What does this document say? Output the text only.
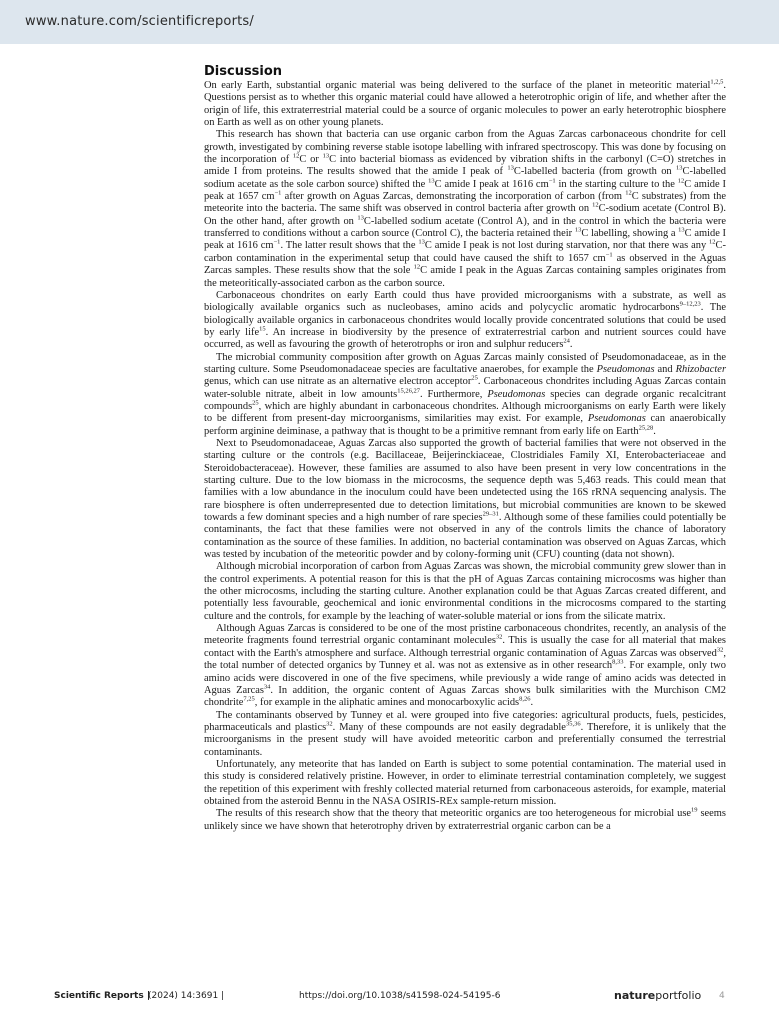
www.nature.com/scientificreports/
Discussion

On early Earth, substantial organic material was being delivered to the surface of the planet in meteoritic material$^{1,2,5}$. Questions persist as to whether this organic material could have allowed a heterotrophic origin of life, and whether after the origin of life, this extraterrestrial material could be a source of organic molecules to power an early heterotrophic biosphere on Earth as well as on other young planets.

This research has shown that bacteria can use organic carbon from the Aguas Zarcas carbonaceous chondrite for cell growth, investigated by combining reverse stable isotope labelling with infrared spectroscopy. This was done by focusing on the incorporation of $^{12}$C or $^{13}$C into bacterial biomass as evidenced by vibration shifts in the carbonyl (C=O) stretches in amide I from proteins. The results showed that the amide I peak of $^{13}$C-labelled bacteria (from growth on $^{13}$C-labelled sodium acetate as the sole carbon source) shifted the $^{13}$C amide I peak at 1616 $cm^{-1}$ in the starting culture to the $^{12}$C amide I peak at 1657 $cm^{-1}$ after growth on Aguas Zarcas, demonstrating the incorporation of carbon (from $^{12}$C substrates) from the meteorite into the bacteria. The same shift was observed in control bacteria after growth on $^{12}$C-sodium acetate (Control B). On the other hand, after growth on $^{13}$C-labelled sodium acetate (Control A), and in the control in which the bacteria were transferred to conditions without a carbon source (Control C), the bacteria retained their $^{13}$C labelling, showing a $^{13}$C amide I peak at 1616 $cm^{-1}$. The latter result shows that the $^{13}$C amide I peak is not lost during starvation, nor that there was any $^{12}$C-carbon contamination in the experimental setup that could have caused the shift to 1657 $cm^{-1}$ as observed in the Aguas Zarcas samples. These results show that the sole $^{12}$C amide I peak in the Aguas Zarcas containing samples originates from the meteoritically-associated carbon as the carbon source.

Carbonaceous chondrites on early Earth could thus have provided microorganisms with a substrate, as well as biologically available organics such as nucleobases, amino acids and polycyclic aromatic hydrocarbons$^{9-12,23}$. The biologically available organics in carbonaceous chondrites would locally provide concentrated solutions that could be used by early life$^{15}$. An increase in biodiversity by the presence of extraterrestrial carbon and nutrient sources could have occurred, as well as favouring the growth of heterotrophs or iron and sulphur reducers$^{24}$.

The microbial community composition after growth on Aguas Zarcas mainly consisted of Pseudomonadaceae, as in the starting culture. Some Pseudomonadaceae species are facultative anaerobes, for example the Pseudomonas and Rhizobacter genus, which can use nitrate as an alternative electron acceptor$^{25}$. Carbonaceous chondrites including Aguas Zarcas contain water-soluble nitrate, albeit in low amounts$^{15,26,27}$. Furthermore, Pseudomonas species can degrade organic recalcitrant compounds$^{25}$, which are highly abundant in carbonaceous chondrites. Although microorganisms on early Earth were likely to be different from present-day microorganisms, similarities may exist. For example, Pseudomonas can anaerobically perform arginine deiminase, a pathway that is thought to be a primitive remnant from early life on Earth$^{25,28}$.

Next to Pseudomonadaceae, Aguas Zarcas also supported the growth of bacterial families that were not observed in the starting culture or the controls (e.g. Bacillaceae, Beijerinckiaceae, Clostridiales Family XI, Enterobacteriaceae and Steroidobacteraceae). However, these families are assumed to also have been present in very low concentrations in the starting culture. Due to the low biomass in the microcosms, the sequence depth was 5,463 reads. This could mean that families with a low abundance in the inoculum could have been undetected using the 16S rRNA sequencing analysis. The rare biosphere is often underrepresented due to detection limitations, but microbial communities are known to be skewed towards a few dominant species and a high number of rare species$^{29-31}$. Although some of these families could potentially be contaminants, the fact that these families were not observed in any of the controls limits the chance of laboratory contamination as the source of these families. In addition, no bacterial contamination was observed on Aguas Zarcas, which was tested by incubation of the meteoritic powder and by colony-forming unit (CFU) counting (data not shown).

Although microbial incorporation of carbon from Aguas Zarcas was shown, the microbial community grew slower than in the control experiments. A potential reason for this is that the pH of Aguas Zarcas containing microcosms was higher than the other microcosms, including the starting culture. Another explanation could be that Aguas Zarcas created different, and potentially less favourable, geochemical and ionic environmental conditions in the microcosms compared to the starting culture and the controls, for example by the leaching of water-soluble material or ions from the silicate matrix.

Although Aguas Zarcas is considered to be one of the most pristine carbonaceous chondrites, recently, an analysis of the meteorite fragments found terrestrial organic contaminant molecules$^{32}$. This is usually the case for all material that makes contact with the Earth's atmosphere and surface. Although terrestrial organic contamination of Aguas Zarcas was observed$^{32}$, the total number of detected organics by Tunney et al. was not as extensive as in other research$^{8,33}$. For example, only two amino acids were discovered in one of the five specimens, while previously a wide range of amino acids was detected in Aguas Zarcas$^{34}$. In addition, the organic content of Aguas Zarcas shows bulk similarities with the Murchison CM2 chondrite$^{7,25}$, for example in the aliphatic amines and monocarboxylic acids$^{8,26}$.

The contaminants observed by Tunney et al. were grouped into five categories: agricultural products, fuels, pesticides, pharmaceuticals and plastics$^{32}$. Many of these compounds are not easily degradable$^{35,36}$. Therefore, it is unlikely that the microorganisms in the present study will have avoided meteoritic carbon and preferentially consumed the terrestrial contaminants.

Unfortunately, any meteorite that has landed on Earth is subject to some potential contamination. The material used in this study is considered relatively pristine. However, in order to eliminate terrestrial contamination completely, we suggest the repetition of this experiment with freshly collected material returned from carbonaceous asteroids, for example, material obtained from the asteroid Bennu in the NASA OSIRIS-REx sample-return mission.

The results of this research show that the theory that meteoritic organics are too heterogeneous for microbial use$^{19}$ seems unlikely since we have shown that heterotrophy driven by extraterrestrial organic carbon can be a

Scientific Reports |
(2024) 14:3691 |	https://doi.org/10.1038/s41598-024-54195-6	natureportfolio 4
